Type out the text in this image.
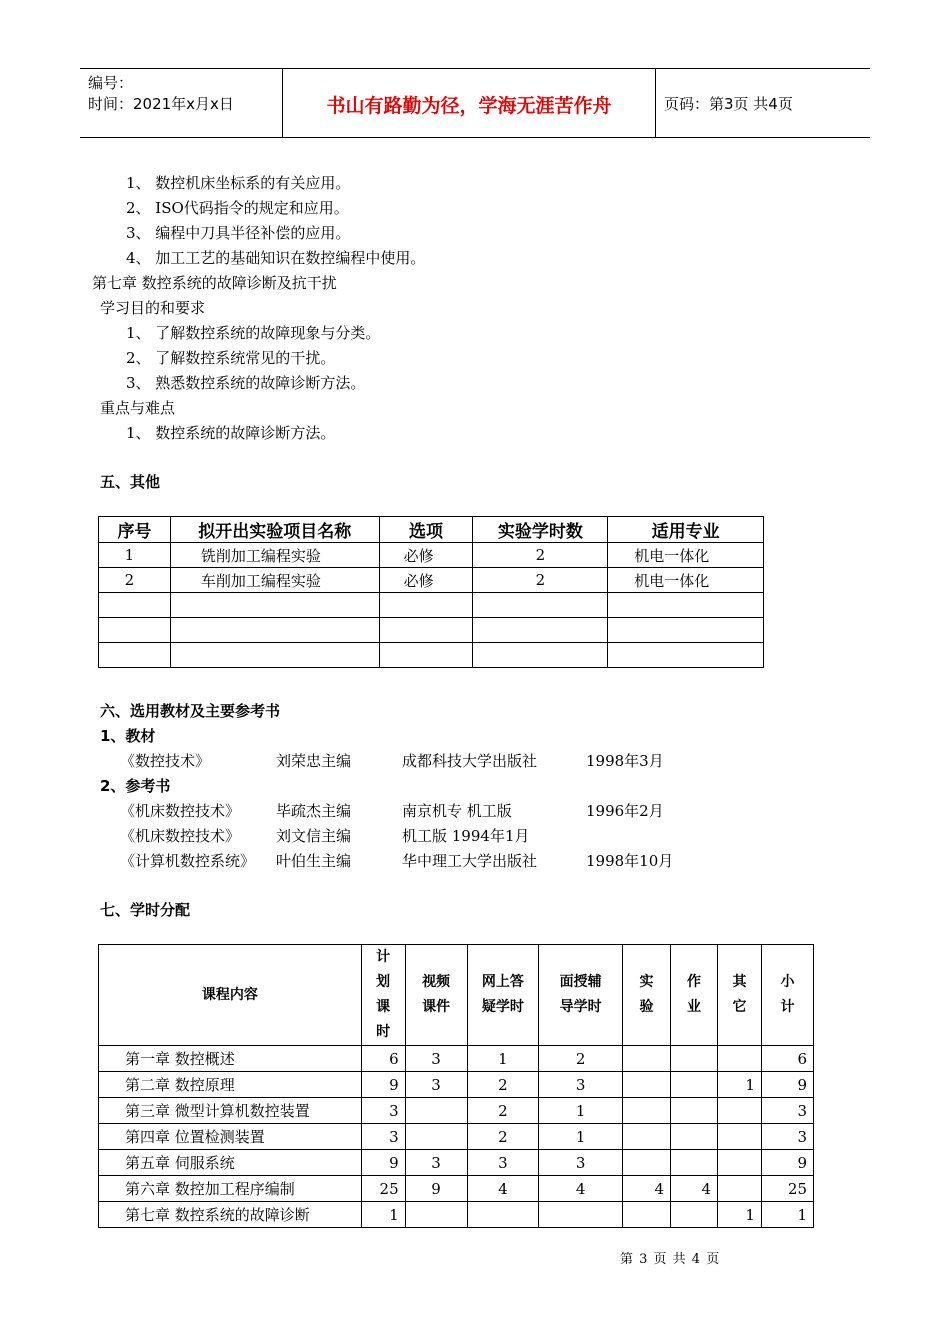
编号：
时间：2021年x月x日	书山有路勤为径，学海无涯苦作舟	页码：第3页 共4页
1、 数控机床坐标系的有关应用。
2、 ISO代码指令的规定和应用。
3、 编程中刀具半径补偿的应用。
4、 加工工艺的基础知识在数控编程中使用。
第七章 数控系统的故障诊断及抗干扰
学习目的和要求
1、 了解数控系统的故障现象与分类。
2、 了解数控系统常见的干扰。
3、 熟悉数控系统的故障诊断方法。
重点与难点
1、 数控系统的故障诊断方法。
五、其他
序号	拟开出实验项目名称	选项	实验学时数	适用专业
1	铣削加工编程实验	必修	2	机电一体化
2	车削加工编程实验	必修	2	机电一体化

六、选用教材及主要参考书
1、教材
《数控技术》	刘荣忠主编	成都科技大学出版社	1998年3月
2、参考书
《机床数控技术》 毕疏杰主编	南京机专 机工版	1996年2月
《机床数控技术》 刘文信主编	机工版 1994年1月
《计算机数控系统》 叶伯生主编	华中理工大学出版社	1998年10月
七、学时分配
课程内容	计划课时	视频课件	网上答疑学时	面授辅导学时	实验	作业	其它	小计
第一章 数控概述	6	3	1	2				6
第二章 数控原理	9	3	2	3			1	9
第三章 微型计算机数控装置	3		2	1				3
第四章 位置检测装置	3		2	1				3
第五章 伺服系统	9	3	3	3				9
第六章 数控加工程序编制	25	9	4	4	4	4		25
第七章 数控系统的故障诊断	1						1	1
第 3 页 共 4 页
